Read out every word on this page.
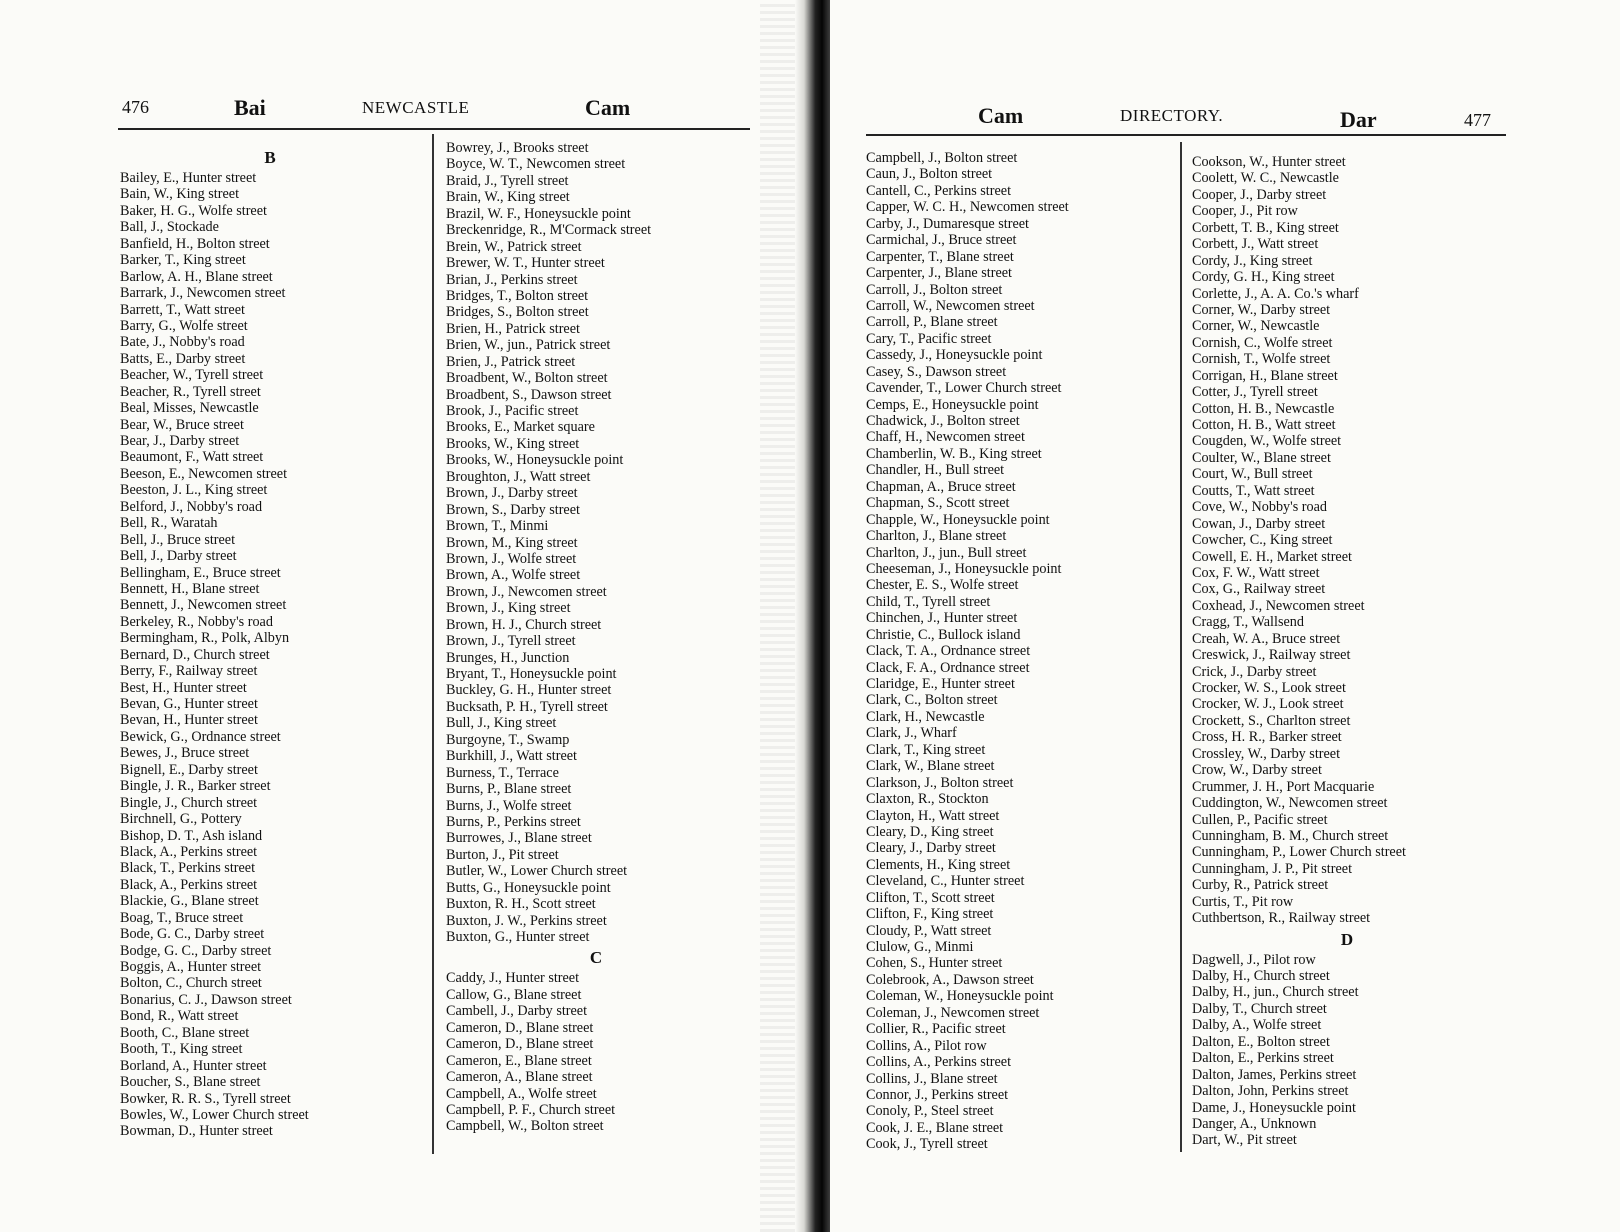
476	Bai	NEWCASTLE	Cam
B
Bailey, E., Hunter street
Bain, W., King street
Baker, H. G., Wolfe street
Ball, J., Stockade
Banfield, H., Bolton street
Barker, T., King street
Barlow, A. H., Blane street
Barrark, J., Newcomen street
Barrett, T., Watt street
Barry, G., Wolfe street
Bate, J., Nobby's road
Batts, E., Darby street
Beacher, W., Tyrell street
Beacher, R., Tyrell street
Beal, Misses, Newcastle
Bear, W., Bruce street
Bear, J., Darby street
Beaumont, F., Watt street
Beeson, E., Newcomen street
Beeston, J. L., King street
Belford, J., Nobby's road
Bell, R., Waratah
Bell, J., Bruce street
Bell, J., Darby street
Bellingham, E., Bruce street
Bennett, H., Blane street
Bennett, J., Newcomen street
Berkeley, R., Nobby's road
Bermingham, R., Polk, Albyn
Bernard, D., Church street
Berry, F., Railway street
Best, H., Hunter street
Bevan, G., Hunter street
Bevan, H., Hunter street
Bewick, G., Ordnance street
Bewes, J., Bruce street
Bignell, E., Darby street
Bingle, J. R., Barker street
Bingle, J., Church street
Birchnell, G., Pottery
Bishop, D. T., Ash island
Black, A., Perkins street
Black, T., Perkins street
Black, A., Perkins street
Blackie, G., Blane street
Boag, T., Bruce street
Bode, G. C., Darby street
Bodge, G. C., Darby street
Boggis, A., Hunter street
Bolton, C., Church street
Bonarius, C. J., Dawson street
Bond, R., Watt street
Booth, C., Blane street
Booth, T., King street
Borland, A., Hunter street
Boucher, S., Blane street
Bowker, R. R. S., Tyrell street
Bowles, W., Lower Church street
Bowman, D., Hunter street
Bowrey, J., Brooks street
Boyce, W. T., Newcomen street
Braid, J., Tyrell street
Brain, W., King street
Brazil, W. F., Honeysuckle point
Breckenridge, R., M'Cormack street
Brein, W., Patrick street
Brewer, W. T., Hunter street
Brian, J., Perkins street
Bridges, T., Bolton street
Bridges, S., Bolton street
Brien, H., Patrick street
Brien, W., jun., Patrick street
Brien, J., Patrick street
Broadbent, W., Bolton street
Broadbent, S., Dawson street
Brook, J., Pacific street
Brooks, E., Market square
Brooks, W., King street
Brooks, W., Honeysuckle point
Broughton, J., Watt street
Brown, J., Darby street
Brown, S., Darby street
Brown, T., Minmi
Brown, M., King street
Brown, J., Wolfe street
Brown, A., Wolfe street
Brown, J., Newcomen street
Brown, J., King street
Brown, H. J., Church street
Brown, J., Tyrell street
Brunges, H., Junction
Bryant, T., Honeysuckle point
Buckley, G. H., Hunter street
Bucksath, P. H., Tyrell street
Bull, J., King street
Burgoyne, T., Swamp
Burkhill, J., Watt street
Burness, T., Terrace
Burns, P., Blane street
Burns, J., Wolfe street
Burns, P., Perkins street
Burrowes, J., Blane street
Burton, J., Pit street
Butler, W., Lower Church street
Butts, G., Honeysuckle point
Buxton, R. H., Scott street
Buxton, J. W., Perkins street
Buxton, G., Hunter street
C
Caddy, J., Hunter street
Callow, G., Blane street
Cambell, J., Darby street
Cameron, D., Blane street
Cameron, D., Blane street
Cameron, E., Blane street
Cameron, A., Blane street
Campbell, A., Wolfe street
Campbell, P. F., Church street
Campbell, W., Bolton street
Cam	DIRECTORY.	Dar	477
Campbell, J., Bolton street
Caun, J., Bolton street
Cantell, C., Perkins street
Capper, W. C. H., Newcomen street
Carby, J., Dumaresque street
Carmichal, J., Bruce street
Carpenter, T., Blane street
Carpenter, J., Blane street
Carroll, J., Bolton street
Carroll, W., Newcomen street
Carroll, P., Blane street
Cary, T., Pacific street
Cassedy, J., Honeysuckle point
Casey, S., Dawson street
Cavender, T., Lower Church street
Cemps, E., Honeysuckle point
Chadwick, J., Bolton street
Chaff, H., Newcomen street
Chamberlin, W. B., King street
Chandler, H., Bull street
Chapman, A., Bruce street
Chapman, S., Scott street
Chapple, W., Honeysuckle point
Charlton, J., Blane street
Charlton, J., jun., Bull street
Cheeseman, J., Honeysuckle point
Chester, E. S., Wolfe street
Child, T., Tyrell street
Chinchen, J., Hunter street
Christie, C., Bullock island
Clack, T. A., Ordnance street
Clack, F. A., Ordnance street
Claridge, E., Hunter street
Clark, C., Bolton street
Clark, H., Newcastle
Clark, J., Wharf
Clark, T., King street
Clark, W., Blane street
Clarkson, J., Bolton street
Claxton, R., Stockton
Clayton, H., Watt street
Cleary, D., King street
Cleary, J., Darby street
Clements, H., King street
Cleveland, C., Hunter street
Clifton, T., Scott street
Clifton, F., King street
Cloudy, P., Watt street
Clulow, G., Minmi
Cohen, S., Hunter street
Colebrook, A., Dawson street
Coleman, W., Honeysuckle point
Coleman, J., Newcomen street
Collier, R., Pacific street
Collins, A., Pilot row
Collins, A., Perkins street
Collins, J., Blane street
Connor, J., Perkins street
Conoly, P., Steel street
Cook, J. E., Blane street
Cook, J., Tyrell street
Cookson, W., Hunter street
Coolett, W. C., Newcastle
Cooper, J., Darby street
Cooper, J., Pit row
Corbett, T. B., King street
Corbett, J., Watt street
Cordy, J., King street
Cordy, G. H., King street
Corlette, J., A. A. Co.'s wharf
Corner, W., Darby street
Corner, W., Newcastle
Cornish, C., Wolfe street
Cornish, T., Wolfe street
Corrigan, H., Blane street
Cotter, J., Tyrell street
Cotton, H. B., Newcastle
Cotton, H. B., Watt street
Cougden, W., Wolfe street
Coulter, W., Blane street
Court, W., Bull street
Coutts, T., Watt street
Cove, W., Nobby's road
Cowan, J., Darby street
Cowcher, C., King street
Cowell, E. H., Market street
Cox, F. W., Watt street
Cox, G., Railway street
Coxhead, J., Newcomen street
Cragg, T., Wallsend
Creah, W. A., Bruce street
Creswick, J., Railway street
Crick, J., Darby street
Crocker, W. S., Look street
Crocker, W. J., Look street
Crockett, S., Charlton street
Cross, H. R., Barker street
Crossley, W., Darby street
Crow, W., Darby street
Crummer, J. H., Port Macquarie
Cuddington, W., Newcomen street
Cullen, P., Pacific street
Cunningham, B. M., Church street
Cunningham, P., Lower Church street
Cunningham, J. P., Pit street
Curby, R., Patrick street
Curtis, T., Pit row
Cuthbertson, R., Railway street
D
Dagwell, J., Pilot row
Dalby, H., Church street
Dalby, H., jun., Church street
Dalby, T., Church street
Dalby, A., Wolfe street
Dalton, E., Bolton street
Dalton, E., Perkins street
Dalton, James, Perkins street
Dalton, John, Perkins street
Dame, J., Honeysuckle point
Danger, A., Unknown
Dart, W., Pit street
